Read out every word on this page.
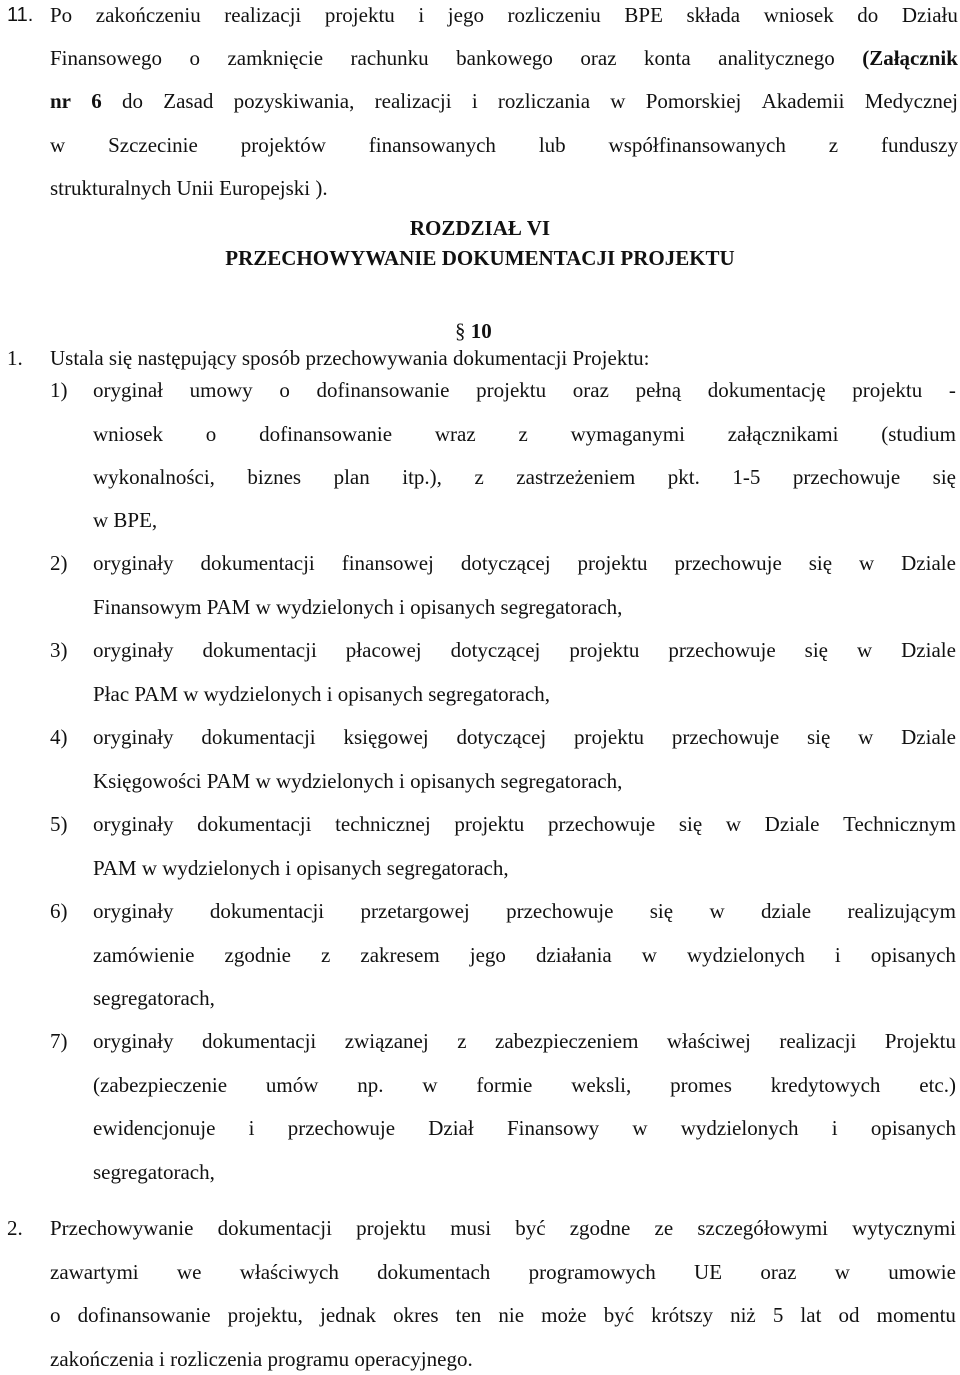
11. Po zakończeniu realizacji projektu i jego rozliczeniu BPE składa wniosek do Działu
Finansowego o zamknięcie rachunku bankowego oraz konta analitycznego (Załącznik
nr 6 do Zasad pozyskiwania, realizacji i rozliczania w Pomorskiej Akademii Medycznej
w Szczecinie projektów finansowanych lub współfinansowanych z funduszy
strukturalnych Unii Europejski ).
ROZDZIAŁ VI
PRZECHOWYWANIE DOKUMENTACJI PROJEKTU
§ 10
1. Ustala się następujący sposób przechowywania dokumentacji Projektu:
1) oryginał umowy o dofinansowanie projektu oraz pełną dokumentację projektu -
wniosek o dofinansowanie wraz z wymaganymi załącznikami (studium
wykonalności, biznes plan itp.), z zastrzeżeniem pkt. 1-5 przechowuje się
w BPE,
2) oryginały dokumentacji finansowej dotyczącej projektu przechowuje się w Dziale
Finansowym PAM w wydzielonych i opisanych segregatorach,
3) oryginały dokumentacji płacowej dotyczącej projektu przechowuje się w Dziale
Płac PAM w wydzielonych i opisanych segregatorach,
4) oryginały dokumentacji księgowej dotyczącej projektu przechowuje się w Dziale
Księgowości PAM w wydzielonych i opisanych segregatorach,
5) oryginały dokumentacji technicznej projektu przechowuje się w Dziale Technicznym
PAM w wydzielonych i opisanych segregatorach,
6) oryginały dokumentacji przetargowej przechowuje się w dziale realizującym
zamówienie zgodnie z zakresem jego działania w wydzielonych i opisanych
segregatorach,
7) oryginały dokumentacji związanej z zabezpieczeniem właściwej realizacji Projektu
(zabezpieczenie umów np. w formie weksli, promes kredytowych etc.)
ewidencjonuje i przechowuje Dział Finansowy w wydzielonych i opisanych
segregatorach,
2. Przechowywanie dokumentacji projektu musi być zgodne ze szczegółowymi wytycznymi
zawartymi we właściwych dokumentach programowych UE oraz w umowie
o dofinansowanie projektu, jednak okres ten nie może być krótszy niż 5 lat od momentu
zakończenia i rozliczenia programu operacyjnego.
